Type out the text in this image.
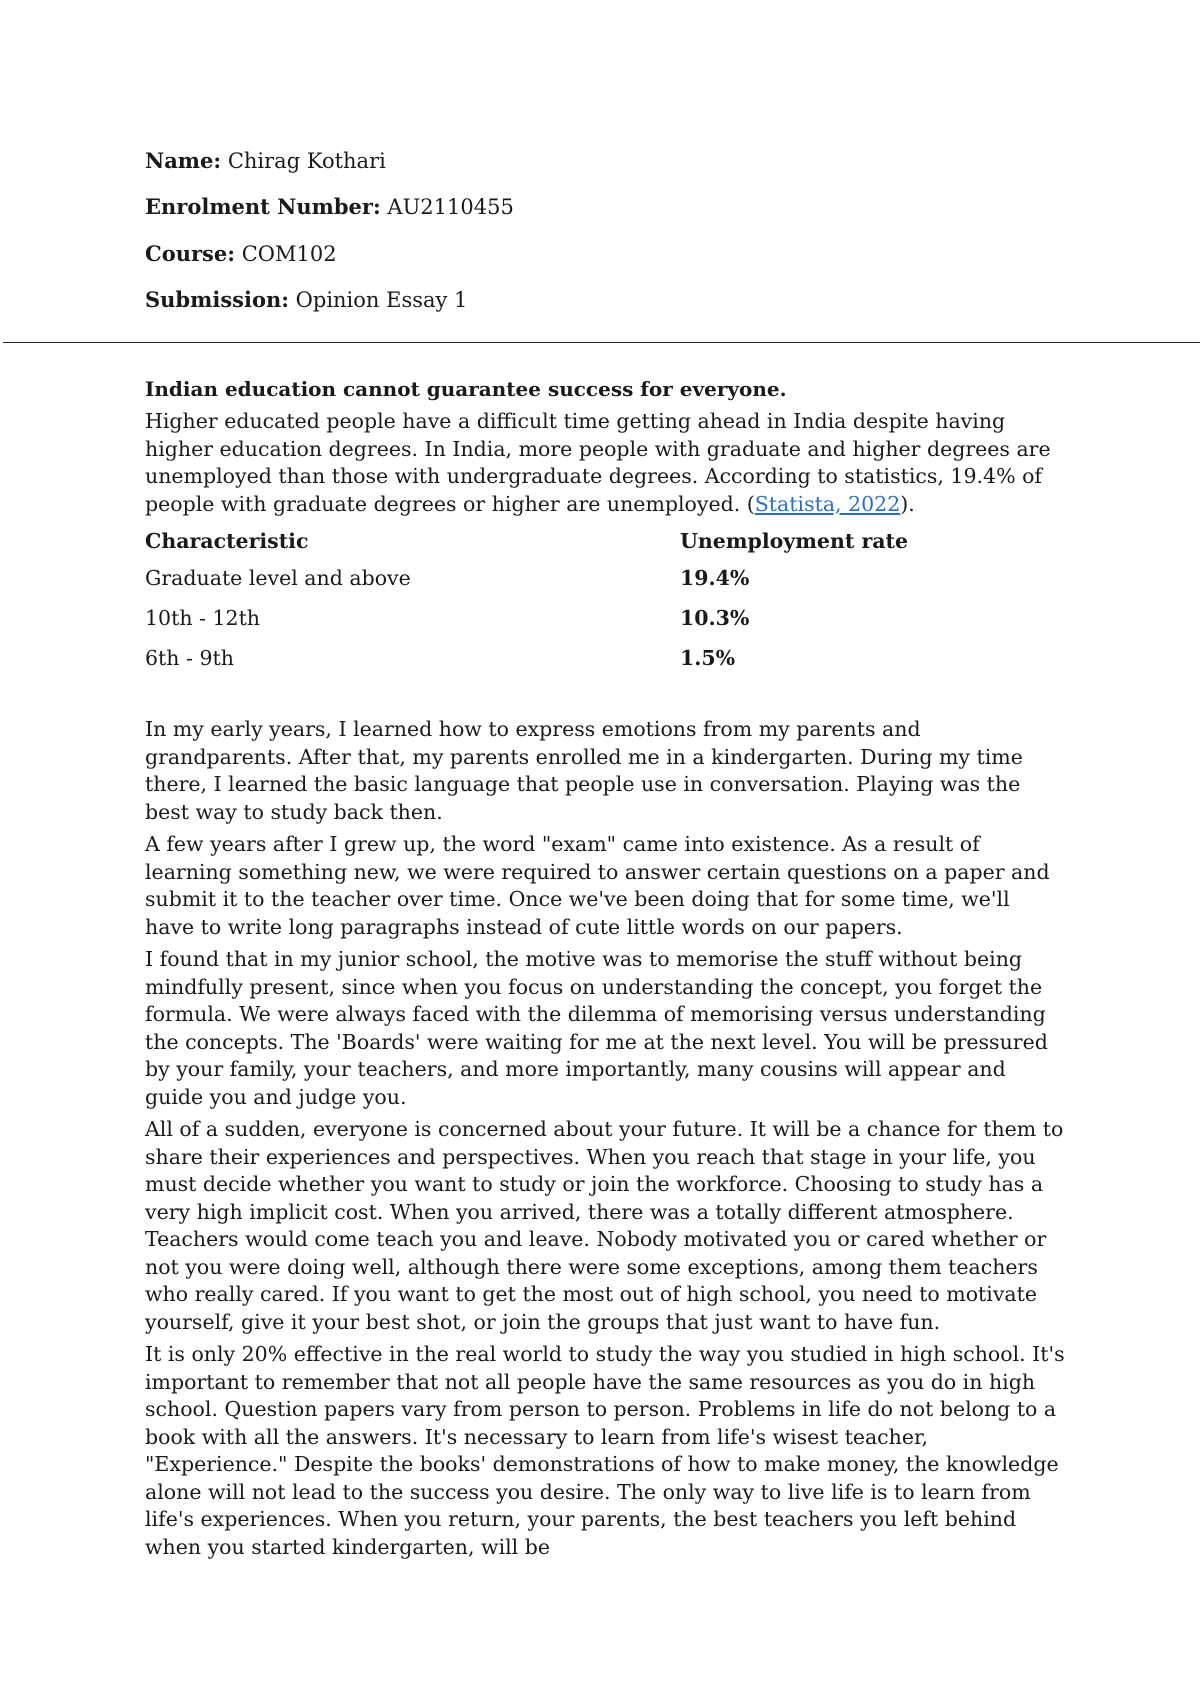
Name: Chirag Kothari
Enrolment Number: AU2110455
Course: COM102
Submission: Opinion Essay 1
Indian education cannot guarantee success for everyone.

Higher educated people have a difficult time getting ahead in India despite having higher education degrees. In India, more people with graduate and higher degrees are unemployed than those with undergraduate degrees. According to statistics, 19.4% of people with graduate degrees or higher are unemployed. (Statista, 2022).

Characteristic	Unemployment rate
Graduate level and above	19.4%
10th - 12th	10.3%
6th - 9th	1.5%

In my early years, I learned how to express emotions from my parents and grandparents. After that, my parents enrolled me in a kindergarten. During my time there, I learned the basic language that people use in conversation. Playing was the best way to study back then.

A few years after I grew up, the word "exam" came into existence. As a result of learning something new, we were required to answer certain questions on a paper and submit it to the teacher over time. Once we've been doing that for some time, we'll have to write long paragraphs instead of cute little words on our papers.

I found that in my junior school, the motive was to memorise the stuff without being mindfully present, since when you focus on understanding the concept, you forget the formula. We were always faced with the dilemma of memorising versus understanding the concepts. The 'Boards' were waiting for me at the next level. You will be pressured by your family, your teachers, and more importantly, many cousins will appear and guide you and judge you.

All of a sudden, everyone is concerned about your future. It will be a chance for them to share their experiences and perspectives. When you reach that stage in your life, you must decide whether you want to study or join the workforce. Choosing to study has a very high implicit cost. When you arrived, there was a totally different atmosphere. Teachers would come teach you and leave. Nobody motivated you or cared whether or not you were doing well, although there were some exceptions, among them teachers who really cared. If you want to get the most out of high school, you need to motivate yourself, give it your best shot, or join the groups that just want to have fun.

It is only 20% effective in the real world to study the way you studied in high school. It's important to remember that not all people have the same resources as you do in high school. Question papers vary from person to person. Problems in life do not belong to a book with all the answers. It's necessary to learn from life's wisest teacher, "Experience." Despite the books' demonstrations of how to make money, the knowledge alone will not lead to the success you desire. The only way to live life is to learn from life's experiences. When you return, your parents, the best teachers you left behind when you started kindergarten, will be
